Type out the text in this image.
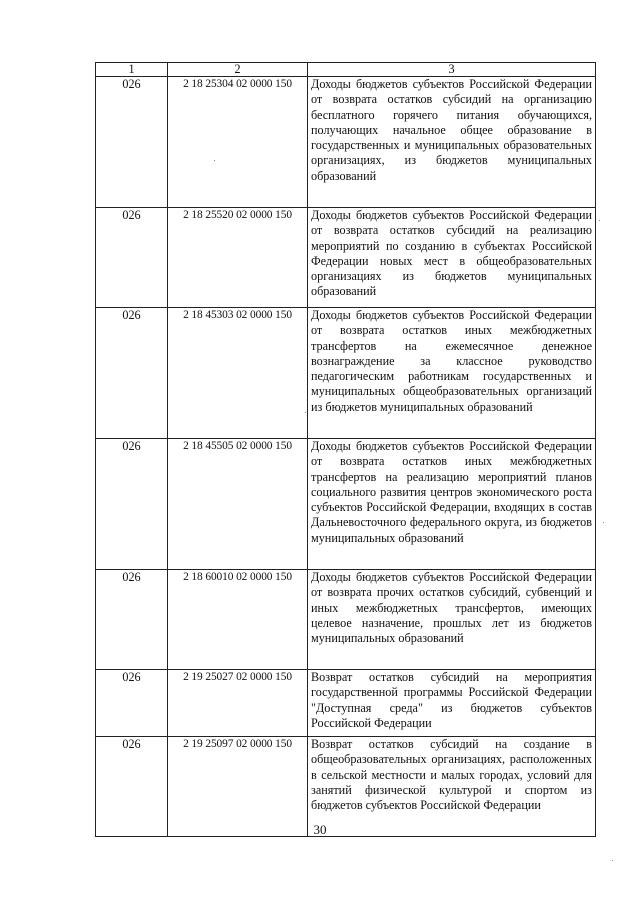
1	2	3
026	2 18 25304 02 0000 150	Доходы бюджетов субъектов Российской Федерации от возврата остатков субсидий на организацию бесплатного горячего питания обучающихся, получающих начальное общее образование в государственных и муниципальных образовательных организациях, из бюджетов муниципальных образований
026	2 18 25520 02 0000 150	Доходы бюджетов субъектов Российской Федерации от возврата остатков субсидий на реализацию мероприятий по созданию в субъектах Российской Федерации новых мест в общеобразовательных организациях из бюджетов муниципальных образований
026	2 18 45303 02 0000 150	Доходы бюджетов субъектов Российской Федерации от возврата остатков иных межбюджетных трансфертов на ежемесячное денежное вознаграждение за классное руководство педагогическим работникам государственных и муниципальных общеобразовательных организаций из бюджетов муниципальных образований
026	2 18 45505 02 0000 150	Доходы бюджетов субъектов Российской Федерации от возврата остатков иных межбюджетных трансфертов на реализацию мероприятий планов социального развития центров экономического роста субъектов Российской Федерации, входящих в состав Дальневосточного федерального округа, из бюджетов муниципальных образований
026	2 18 60010 02 0000 150	Доходы бюджетов субъектов Российской Федерации от возврата прочих остатков субсидий, субвенций и иных межбюджетных трансфертов, имеющих целевое назначение, прошлых лет из бюджетов муниципальных образований
026	2 19 25027 02 0000 150	Возврат остатков субсидий на мероприятия государственной программы Российской Федерации "Доступная среда" из бюджетов субъектов Российской Федерации
026	2 19 25097 02 0000 150	Возврат остатков субсидий на создание в общеобразовательных организациях, расположенных в сельской местности и малых городах, условий для занятий физической культурой и спортом из бюджетов субъектов Российской Федерации
30
